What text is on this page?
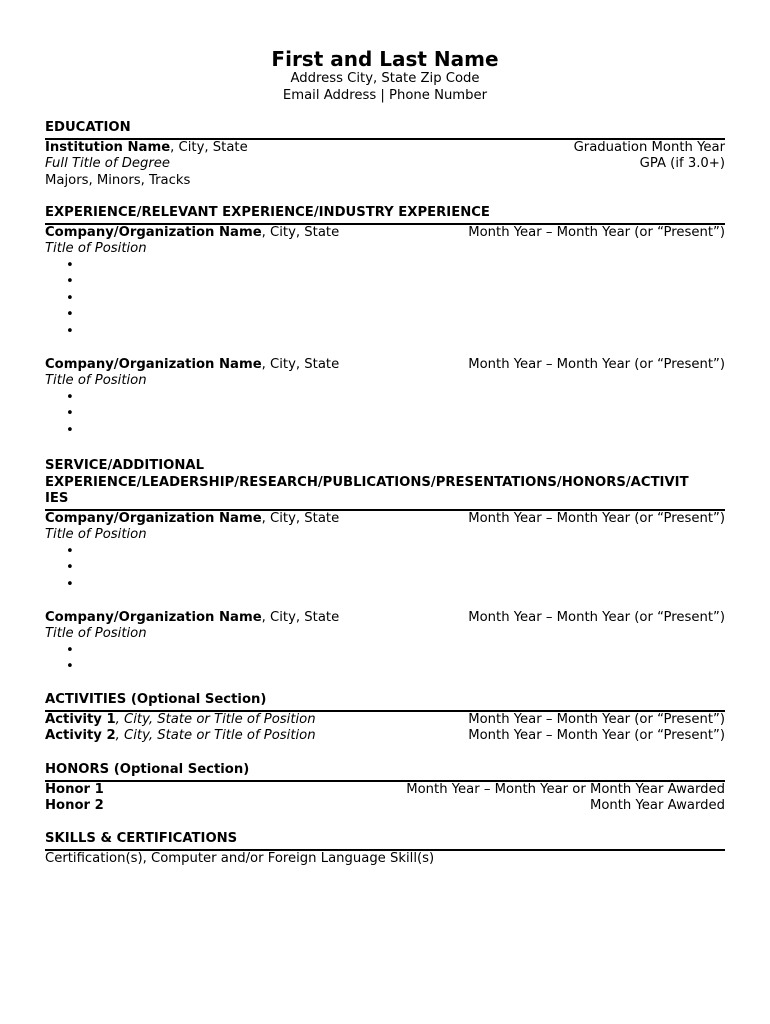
First and Last Name
Address City, State Zip Code
Email Address | Phone Number
EDUCATION
Institution Name, City, State	Graduation Month Year
Full Title of Degree	GPA (if 3.0+)
Majors, Minors, Tracks
EXPERIENCE/RELEVANT EXPERIENCE/INDUSTRY EXPERIENCE
Company/Organization Name, City, State	Month Year – Month Year (or “Present”)
Title of Position
•
•
•
•
•
Company/Organization Name, City, State	Month Year – Month Year (or “Present”)
Title of Position
•
•
•
SERVICE/ADDITIONAL
EXPERIENCE/LEADERSHIP/RESEARCH/PUBLICATIONS/PRESENTATIONS/HONORS/ACTIVIT
IES
Company/Organization Name, City, State	Month Year – Month Year (or “Present”)
Title of Position
•
•
•
Company/Organization Name, City, State	Month Year – Month Year (or “Present”)
Title of Position
•
•
ACTIVITIES (Optional Section)
Activity 1, City, State or Title of Position	Month Year – Month Year (or “Present”)
Activity 2, City, State or Title of Position	Month Year – Month Year (or “Present”)
HONORS (Optional Section)
Honor 1	Month Year – Month Year or Month Year Awarded
Honor 2	Month Year Awarded
SKILLS & CERTIFICATIONS
Certification(s), Computer and/or Foreign Language Skill(s)
